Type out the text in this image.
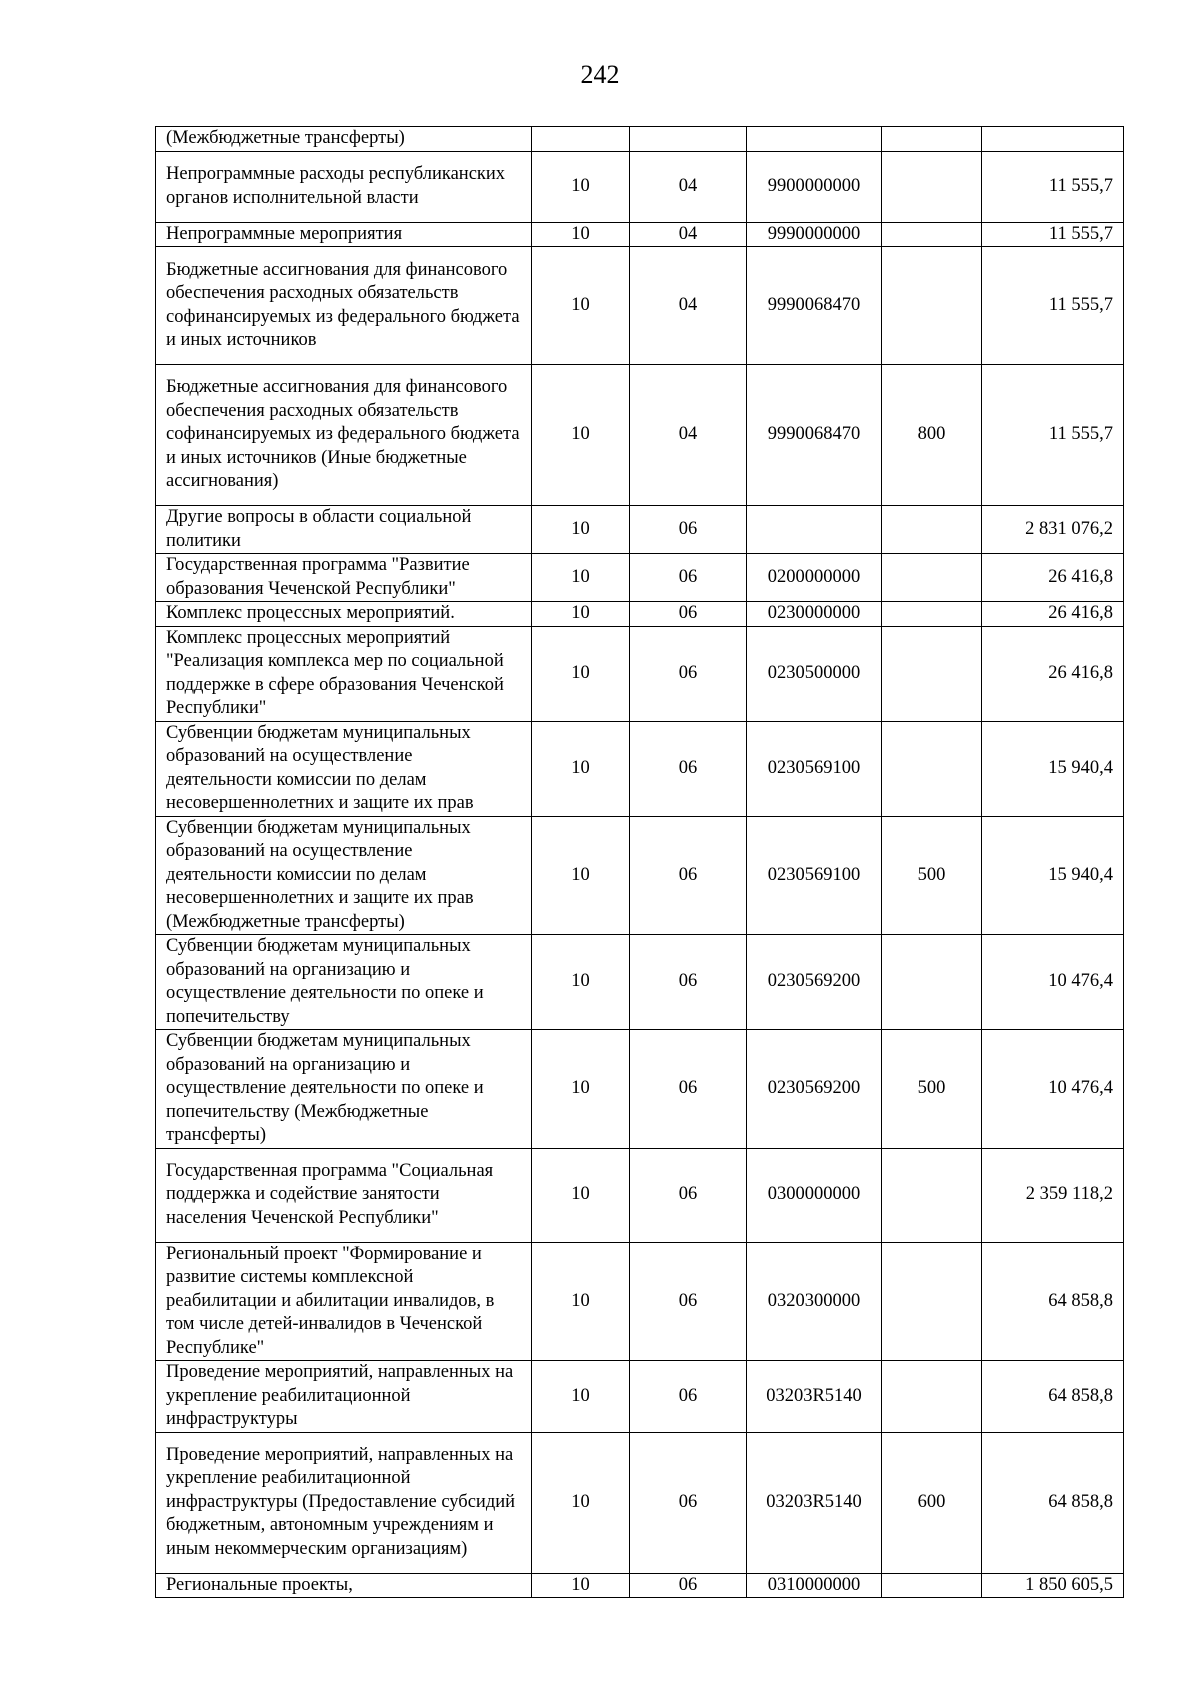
242
(Межбюджетные трансферты)					
Непрограммные расходы республиканских органов исполнительной власти	10	04	9900000000		11 555,7
Непрограммные мероприятия	10	04	9990000000		11 555,7
Бюджетные ассигнования для финансового обеспечения расходных обязательств софинансируемых из федерального бюджета и иных источников	10	04	9990068470		11 555,7
Бюджетные ассигнования для финансового обеспечения расходных обязательств софинансируемых из федерального бюджета и иных источников (Иные бюджетные ассигнования)	10	04	9990068470	800	11 555,7
Другие вопросы в области социальной политики	10	06			2 831 076,2
Государственная программа "Развитие образования Чеченской Республики"	10	06	0200000000		26 416,8
Комплекс процессных мероприятий.	10	06	0230000000		26 416,8
Комплекс процессных мероприятий "Реализация комплекса мер по социальной поддержке в сфере образования Чеченской Республики"	10	06	0230500000		26 416,8
Субвенции бюджетам муниципальных образований на осуществление деятельности комиссии по делам несовершеннолетних и защите их прав	10	06	0230569100		15 940,4
Субвенции бюджетам муниципальных образований на осуществление деятельности комиссии по делам несовершеннолетних и защите их прав (Межбюджетные трансферты)	10	06	0230569100	500	15 940,4
Субвенции бюджетам муниципальных образований на организацию и осуществление деятельности по опеке и попечительству	10	06	0230569200		10 476,4
Субвенции бюджетам муниципальных образований на организацию и осуществление деятельности по опеке и попечительству (Межбюджетные трансферты)	10	06	0230569200	500	10 476,4
Государственная программа "Социальная поддержка и содействие занятости населения Чеченской Республики"	10	06	0300000000		2 359 118,2
Региональный проект "Формирование и развитие системы комплексной реабилитации и абилитации инвалидов, в том числе детей-инвалидов в Чеченской Республике"	10	06	0320300000		64 858,8
Проведение мероприятий, направленных на укрепление реабилитационной инфраструктуры	10	06	03203R5140		64 858,8
Проведение мероприятий, направленных на укрепление реабилитационной инфраструктуры (Предоставление субсидий бюджетным, автономным учреждениям и иным некоммерческим организациям)	10	06	03203R5140	600	64 858,8
Региональные проекты,	10	06	0310000000		1 850 605,5
